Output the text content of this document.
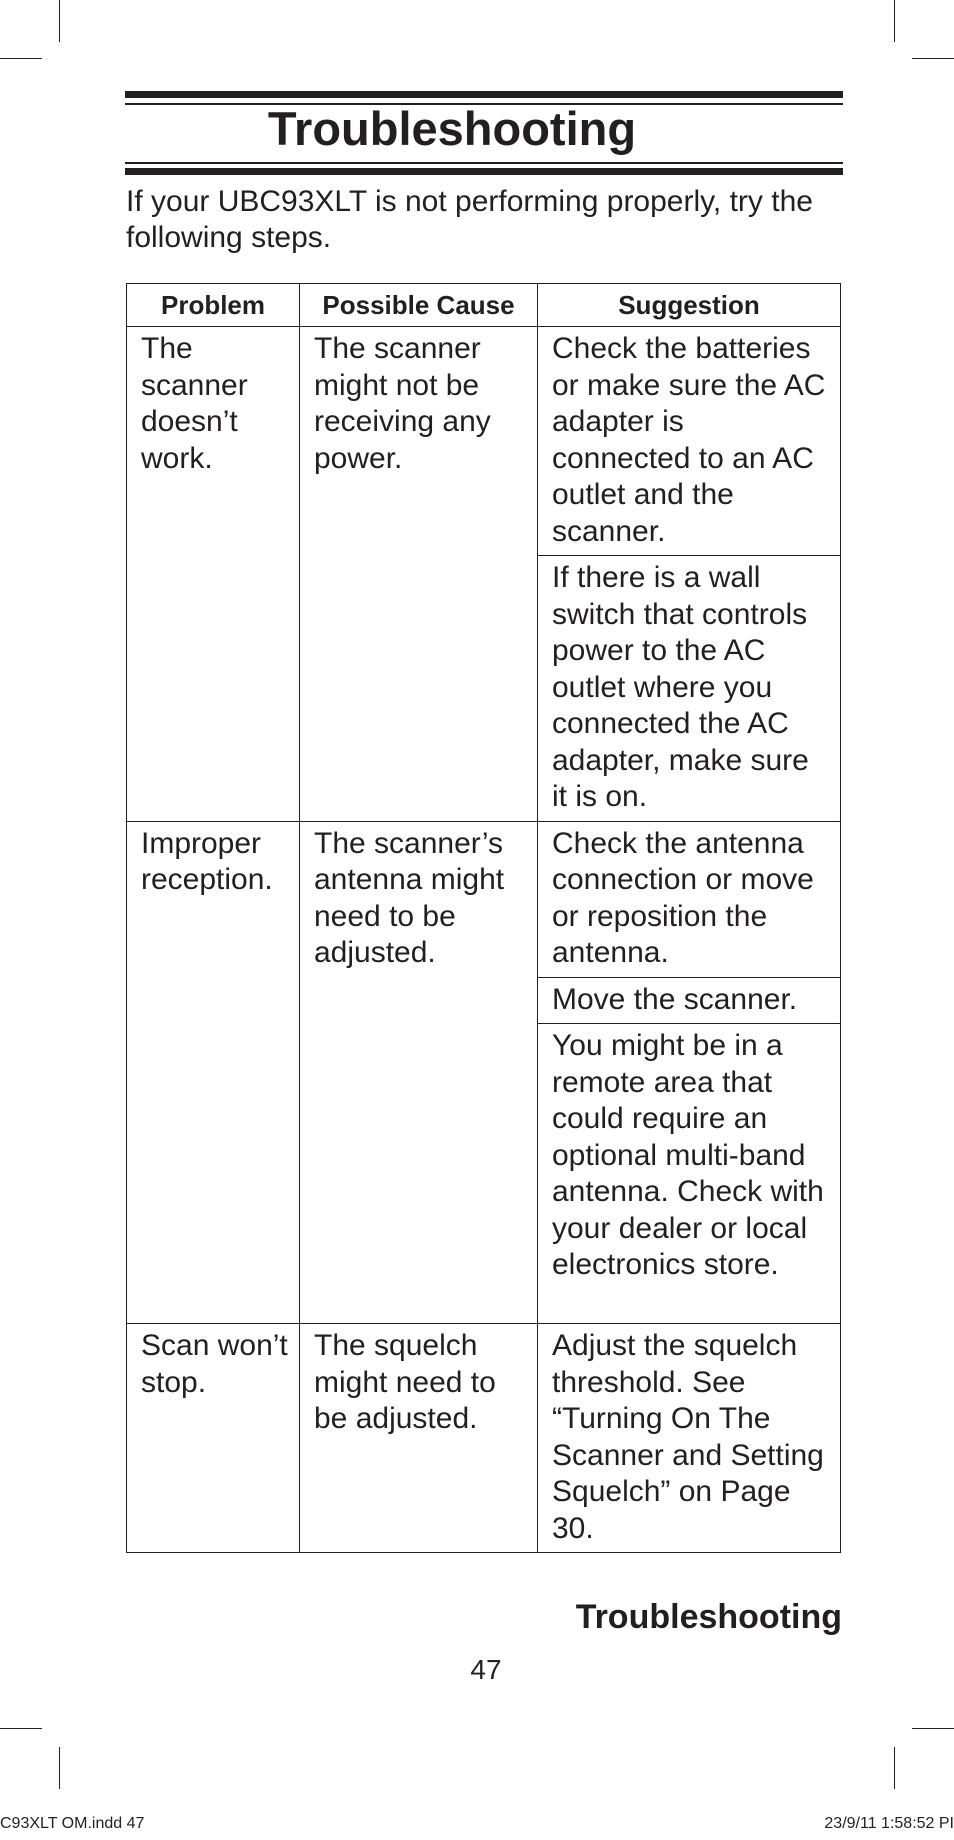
Troubleshooting
If your UBC93XLT is not performing properly, try the following steps.
Problem	Possible Cause	Suggestion
The scanner doesn’t work.	The scanner might not be receiving any power.	Check the batteries or make sure the AC adapter is connected to an AC outlet and the scanner.
		If there is a wall switch that controls power to the AC outlet where you connected the AC adapter, make sure it is on.
Improper reception.	The scanner’s antenna might need to be adjusted.	Check the antenna connection or move or reposition the antenna.
		Move the scanner.
		You might be in a remote area that could require an optional multi-band antenna. Check with your dealer or local electronics store.
Scan won’t stop.	The squelch might need to be adjusted.	Adjust the squelch threshold. See “Turning On The Scanner and Setting Squelch” on Page 30.
Troubleshooting
47
C93XLT OM.indd 47	23/9/11 1:58:52 PI
